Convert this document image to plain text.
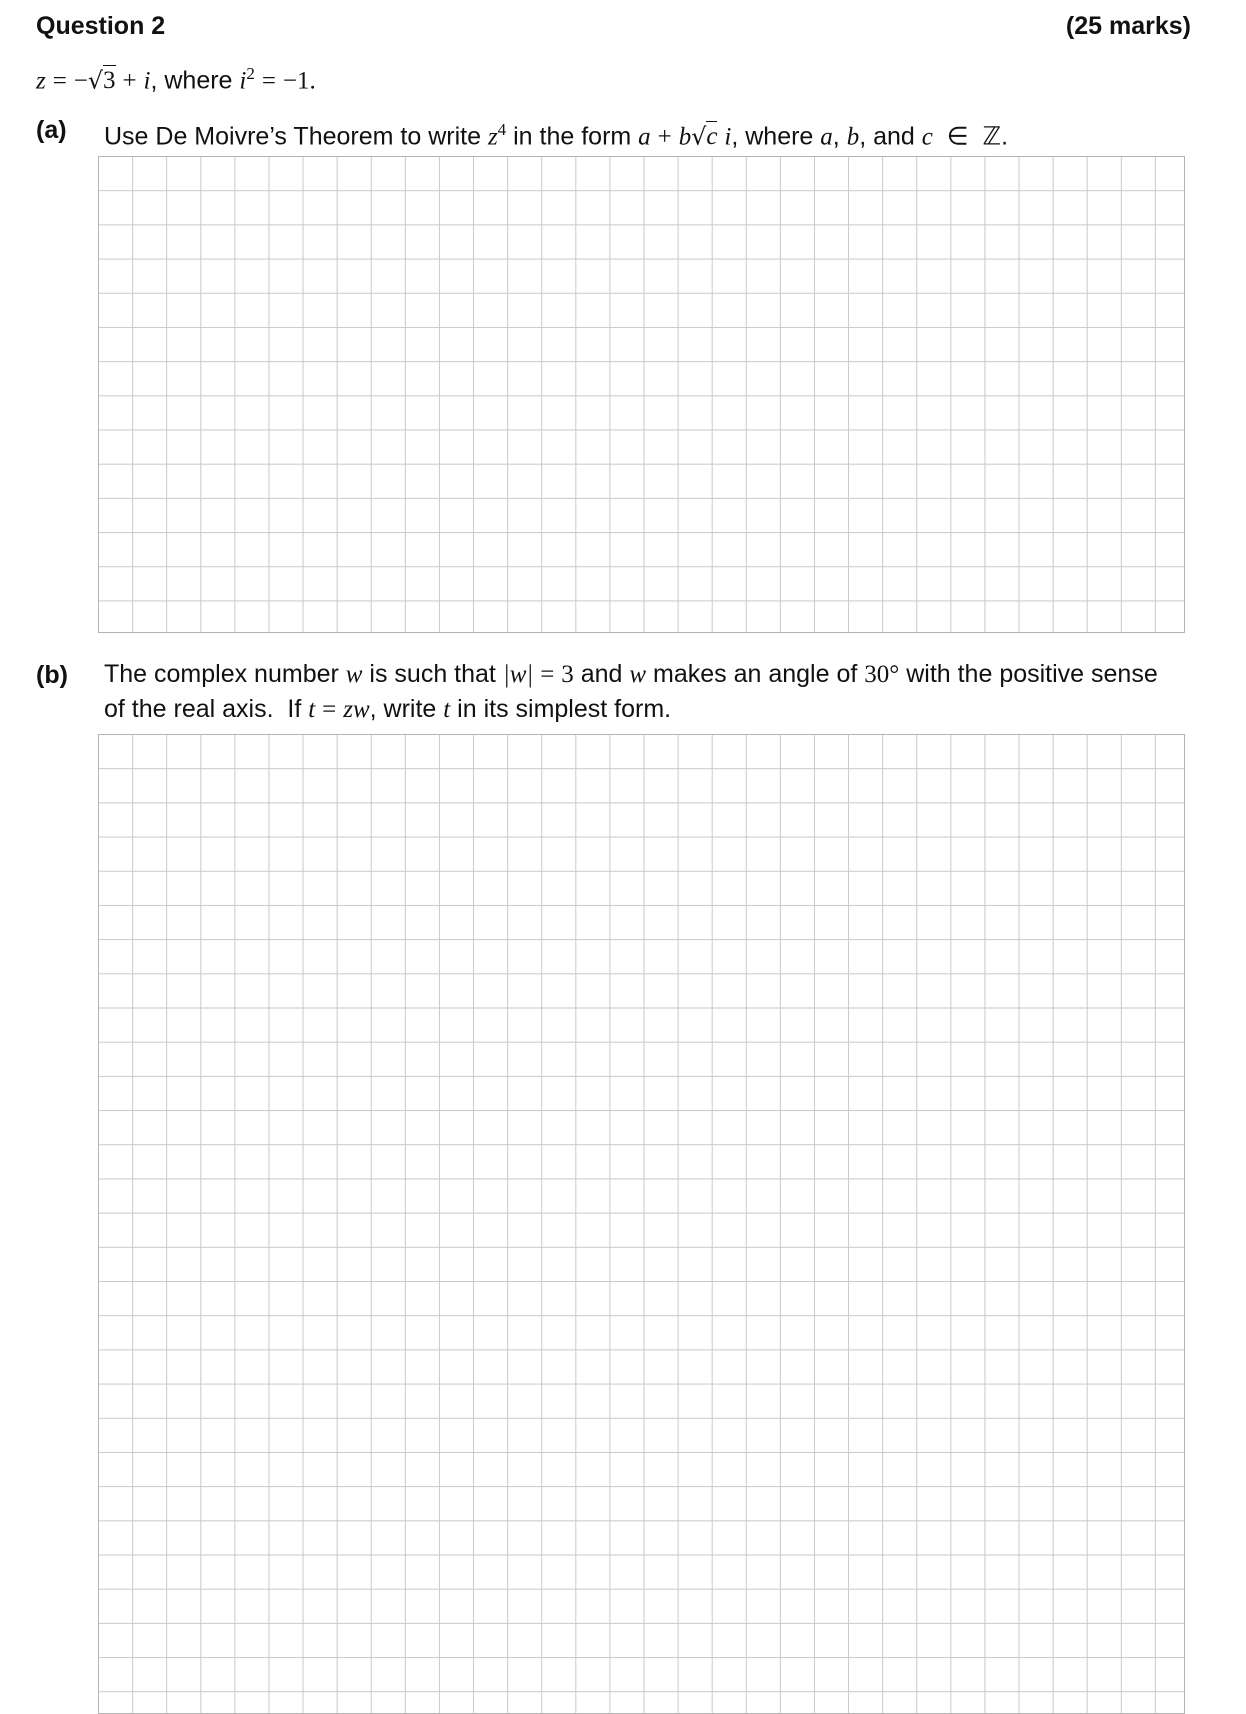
Question 2	(25 marks)
z = −√3 + i, where $i^2 = -1$.
(a) Use De Moivre’s Theorem to write $z^4$ in the form a + b√c i, where a, b, and c ∈ ℤ.
(b) The complex number w is such that |w| = 3 and w makes an angle of 30° with the positive sense of the real axis.  If t = zw, write t in its simplest form.
